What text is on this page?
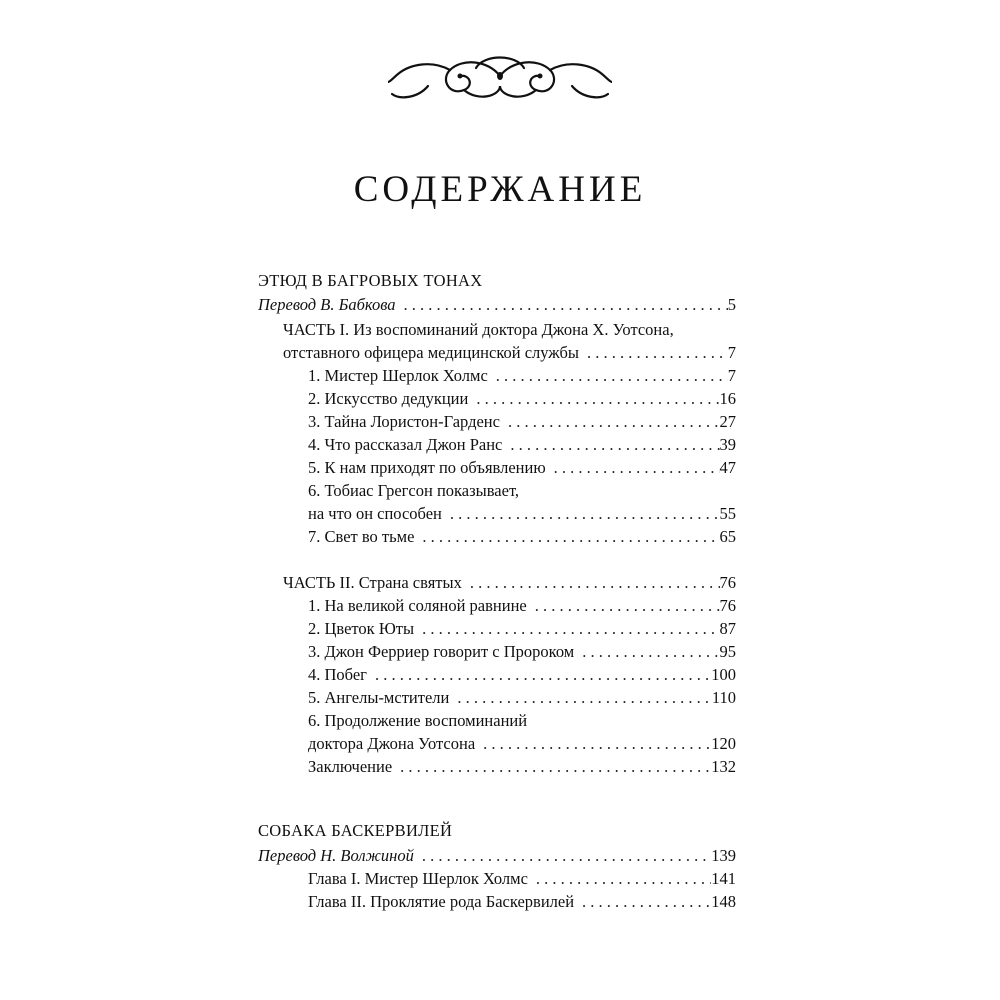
СОДЕРЖАНИЕ
ЭТЮД В БАГРОВЫХ ТОНАХ
Перевод В. Бабкова . . .	5
ЧАСТЬ I. Из воспоминаний доктора Джона Х. Уотсона,
отставного офицера медицинской службы . . .	7
1. Мистер Шерлок Холмс . . .	7
2. Искусство дедукции . . .	16
3. Тайна Лористон-Гарденс . . .	27
4. Что рассказал Джон Ранс . . .	39
5. К нам приходят по объявлению . . .	47
6. Тобиас Грегсон показывает,
на что он способен . . .	55
7. Свет во тьме . . .	65
ЧАСТЬ II. Страна святых . . .	76
1. На великой соляной равнине . . .	76
2. Цветок Юты . . .	87
3. Джон Ферриер говорит с Пророком . . .	95
4. Побег . . .	100
5. Ангелы-мстители . . .	110
6. Продолжение воспоминаний
доктора Джона Уотсона . . .	120
Заключение . . .	132
СОБАКА БАСКЕРВИЛЕЙ
Перевод Н. Волжиной . . .	139
Глава I. Мистер Шерлок Холмс . . .	141
Глава II. Проклятие рода Баскервилей . . .	148
